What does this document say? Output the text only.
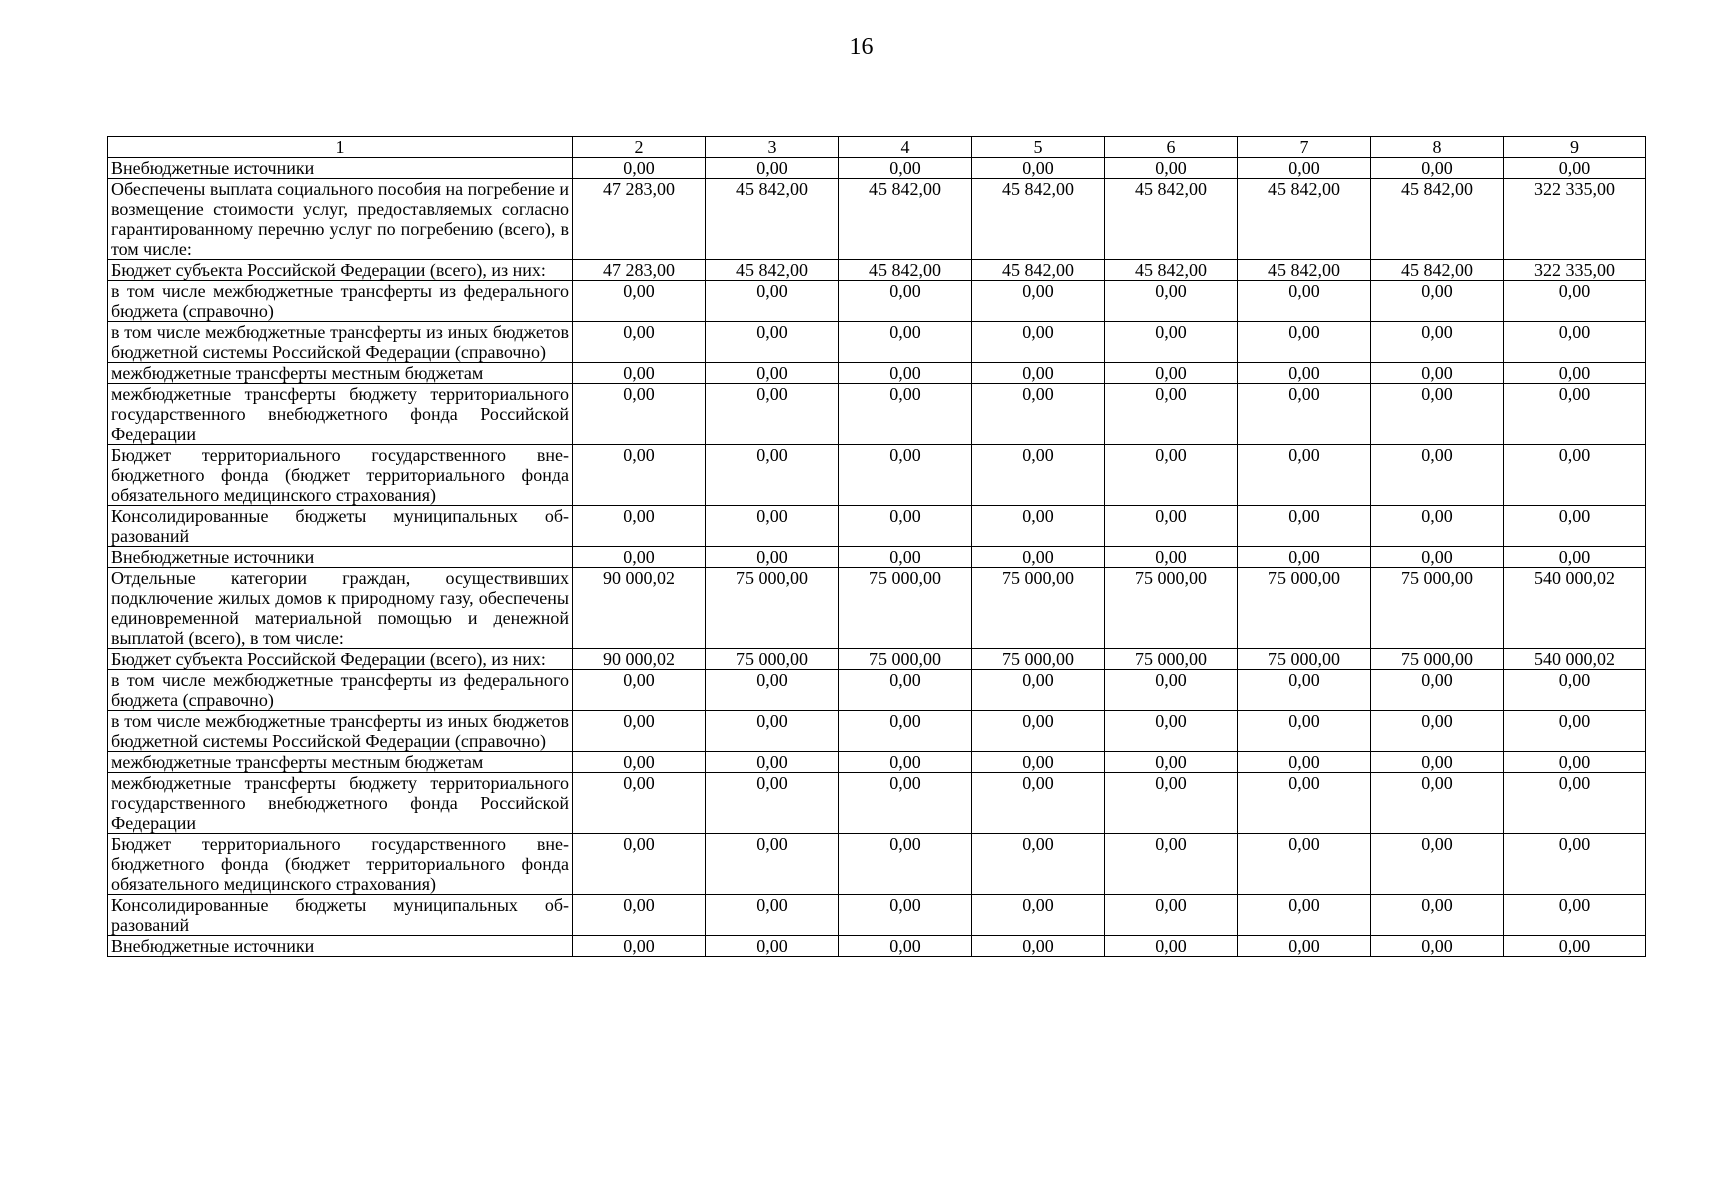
16
1	2	3	4	5	6	7	8	9
Внебюджетные источники	0,00	0,00	0,00	0,00	0,00	0,00	0,00	0,00
Обеспечены выплата социального пособия на погребение и возмещение стоимости услуг, предоставляемых согласно гарантированному перечню услуг по погребению (всего), в том числе:	47 283,00	45 842,00	45 842,00	45 842,00	45 842,00	45 842,00	45 842,00	322 335,00
Бюджет субъекта Российской Федерации (всего), из них:	47 283,00	45 842,00	45 842,00	45 842,00	45 842,00	45 842,00	45 842,00	322 335,00
в том числе межбюджетные трансферты из федерального бюджета (справочно)	0,00	0,00	0,00	0,00	0,00	0,00	0,00	0,00
в том числе межбюджетные трансферты из иных бюджетов бюджетной системы Российской Федерации (справочно)	0,00	0,00	0,00	0,00	0,00	0,00	0,00	0,00
межбюджетные трансферты местным бюджетам	0,00	0,00	0,00	0,00	0,00	0,00	0,00	0,00
межбюджетные трансферты бюджету территориального государственного внебюджетного фонда Российской Федерации	0,00	0,00	0,00	0,00	0,00	0,00	0,00	0,00
Бюджет территориального государственного внебюджетного фонда (бюджет территориального фонда обязательного медицинского страхования)	0,00	0,00	0,00	0,00	0,00	0,00	0,00	0,00
Консолидированные бюджеты муниципальных образований	0,00	0,00	0,00	0,00	0,00	0,00	0,00	0,00
Внебюджетные источники	0,00	0,00	0,00	0,00	0,00	0,00	0,00	0,00
Отдельные категории граждан, осуществивших подключение жилых домов к природному газу, обеспечены единовременной материальной помощью и денежной выплатой (всего), в том числе:	90 000,02	75 000,00	75 000,00	75 000,00	75 000,00	75 000,00	75 000,00	540 000,02
Бюджет субъекта Российской Федерации (всего), из них:	90 000,02	75 000,00	75 000,00	75 000,00	75 000,00	75 000,00	75 000,00	540 000,02
в том числе межбюджетные трансферты из федерального бюджета (справочно)	0,00	0,00	0,00	0,00	0,00	0,00	0,00	0,00
в том числе межбюджетные трансферты из иных бюджетов бюджетной системы Российской Федерации (справочно)	0,00	0,00	0,00	0,00	0,00	0,00	0,00	0,00
межбюджетные трансферты местным бюджетам	0,00	0,00	0,00	0,00	0,00	0,00	0,00	0,00
межбюджетные трансферты бюджету территориального государственного внебюджетного фонда Российской Федерации	0,00	0,00	0,00	0,00	0,00	0,00	0,00	0,00
Бюджет территориального государственного внебюджетного фонда (бюджет территориального фонда обязательного медицинского страхования)	0,00	0,00	0,00	0,00	0,00	0,00	0,00	0,00
Консолидированные бюджеты муниципальных образований	0,00	0,00	0,00	0,00	0,00	0,00	0,00	0,00
Внебюджетные источники	0,00	0,00	0,00	0,00	0,00	0,00	0,00	0,00
